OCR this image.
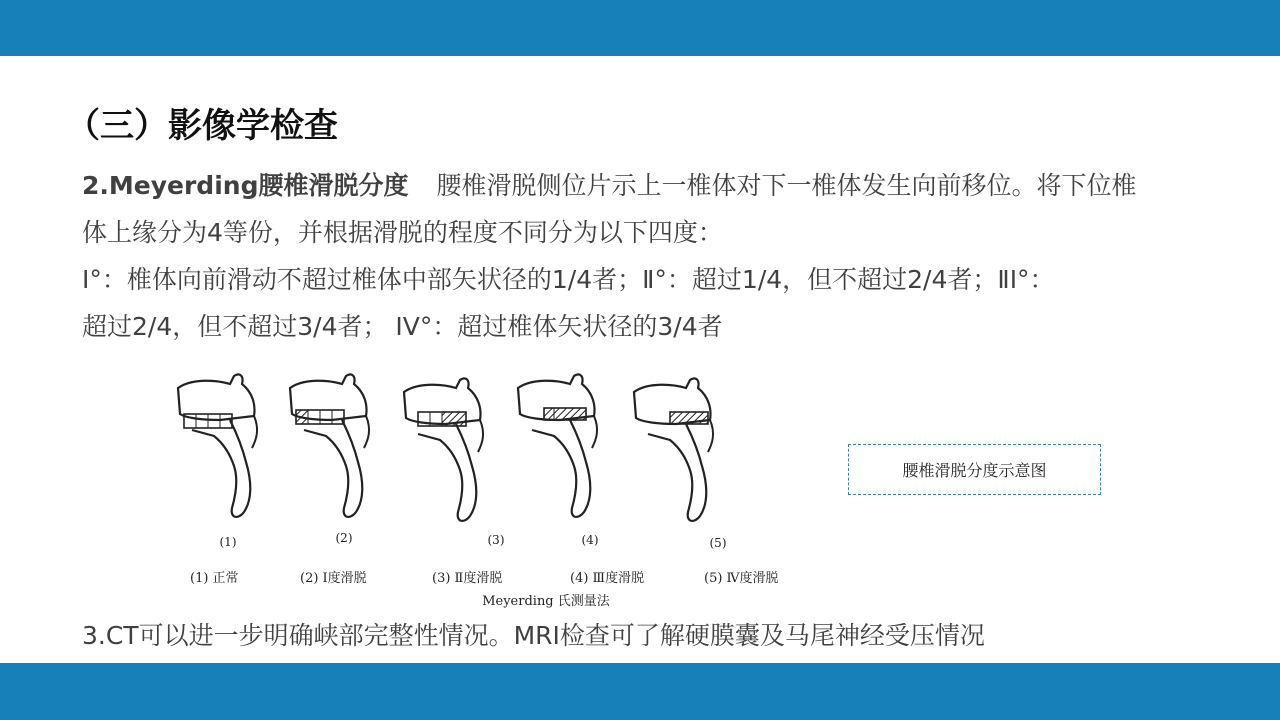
（三）影像学检查

2.Meyerding腰椎滑脱分度 腰椎滑脱侧位片示上一椎体对下一椎体发生向前移位。将下位椎

体上缘分为4等份，并根据滑脱的程度不同分为以下四度：

Ⅰ°：椎体向前滑动不超过椎体中部矢状径的1/4者；Ⅱ°：超过1/4，但不超过2/4者；ⅡⅠ°：

超过2/4，但不超过3/4者； IV°：超过椎体矢状径的3/4者

(1)	(2)	(3)	(4)	(5)
(1) 正常	(2) Ⅰ度滑脱	(3) Ⅱ度滑脱	(4) Ⅲ度滑脱	(5) Ⅳ度滑脱
Meyerding 氏测量法
腰椎滑脱分度示意图
3.CT可以进一步明确峡部完整性情况。MRI检查可了解硬膜囊及马尾神经受压情况
